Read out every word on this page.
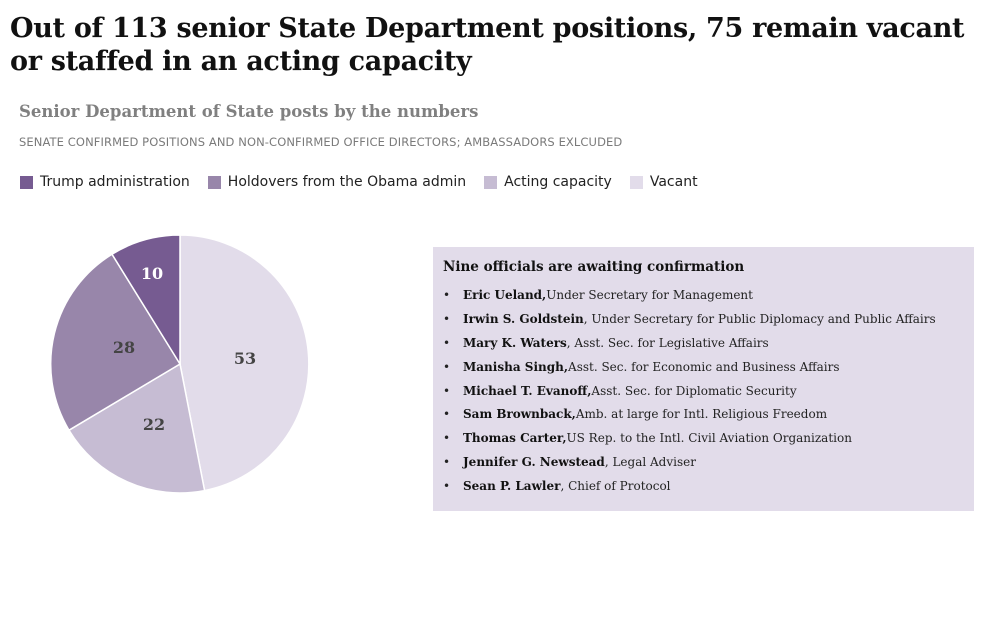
Out of 113 senior State Department positions, 75 remain vacant or staffed in an acting capacity
Senior Department of State posts by the numbers
SENATE CONFIRMED POSITIONS AND NON-CONFIRMED OFFICE DIRECTORS; AMBASSADORS EXLCUDED
Trump administration	Holdovers from the Obama admin	Acting capacity	Vacant
10
28
22
53
Nine officials are awaiting confirmation
•	Eric Ueland, Under Secretary for Management
•	Irwin S. Goldstein , Under Secretary for Public Diplomacy and Public Affairs
•	Mary K. Waters , Asst. Sec. for Legislative Affairs
•	Manisha Singh, Asst. Sec. for Economic and Business Affairs
•	Michael T. Evanoff, Asst. Sec. for Diplomatic Security
•	Sam Brownback, Amb. at large for Intl. Religious Freedom
•	Thomas Carter, US Rep. to the Intl. Civil Aviation Organization
•	Jennifer G. Newstead , Legal Adviser
•	Sean P. Lawler , Chief of Protocol
